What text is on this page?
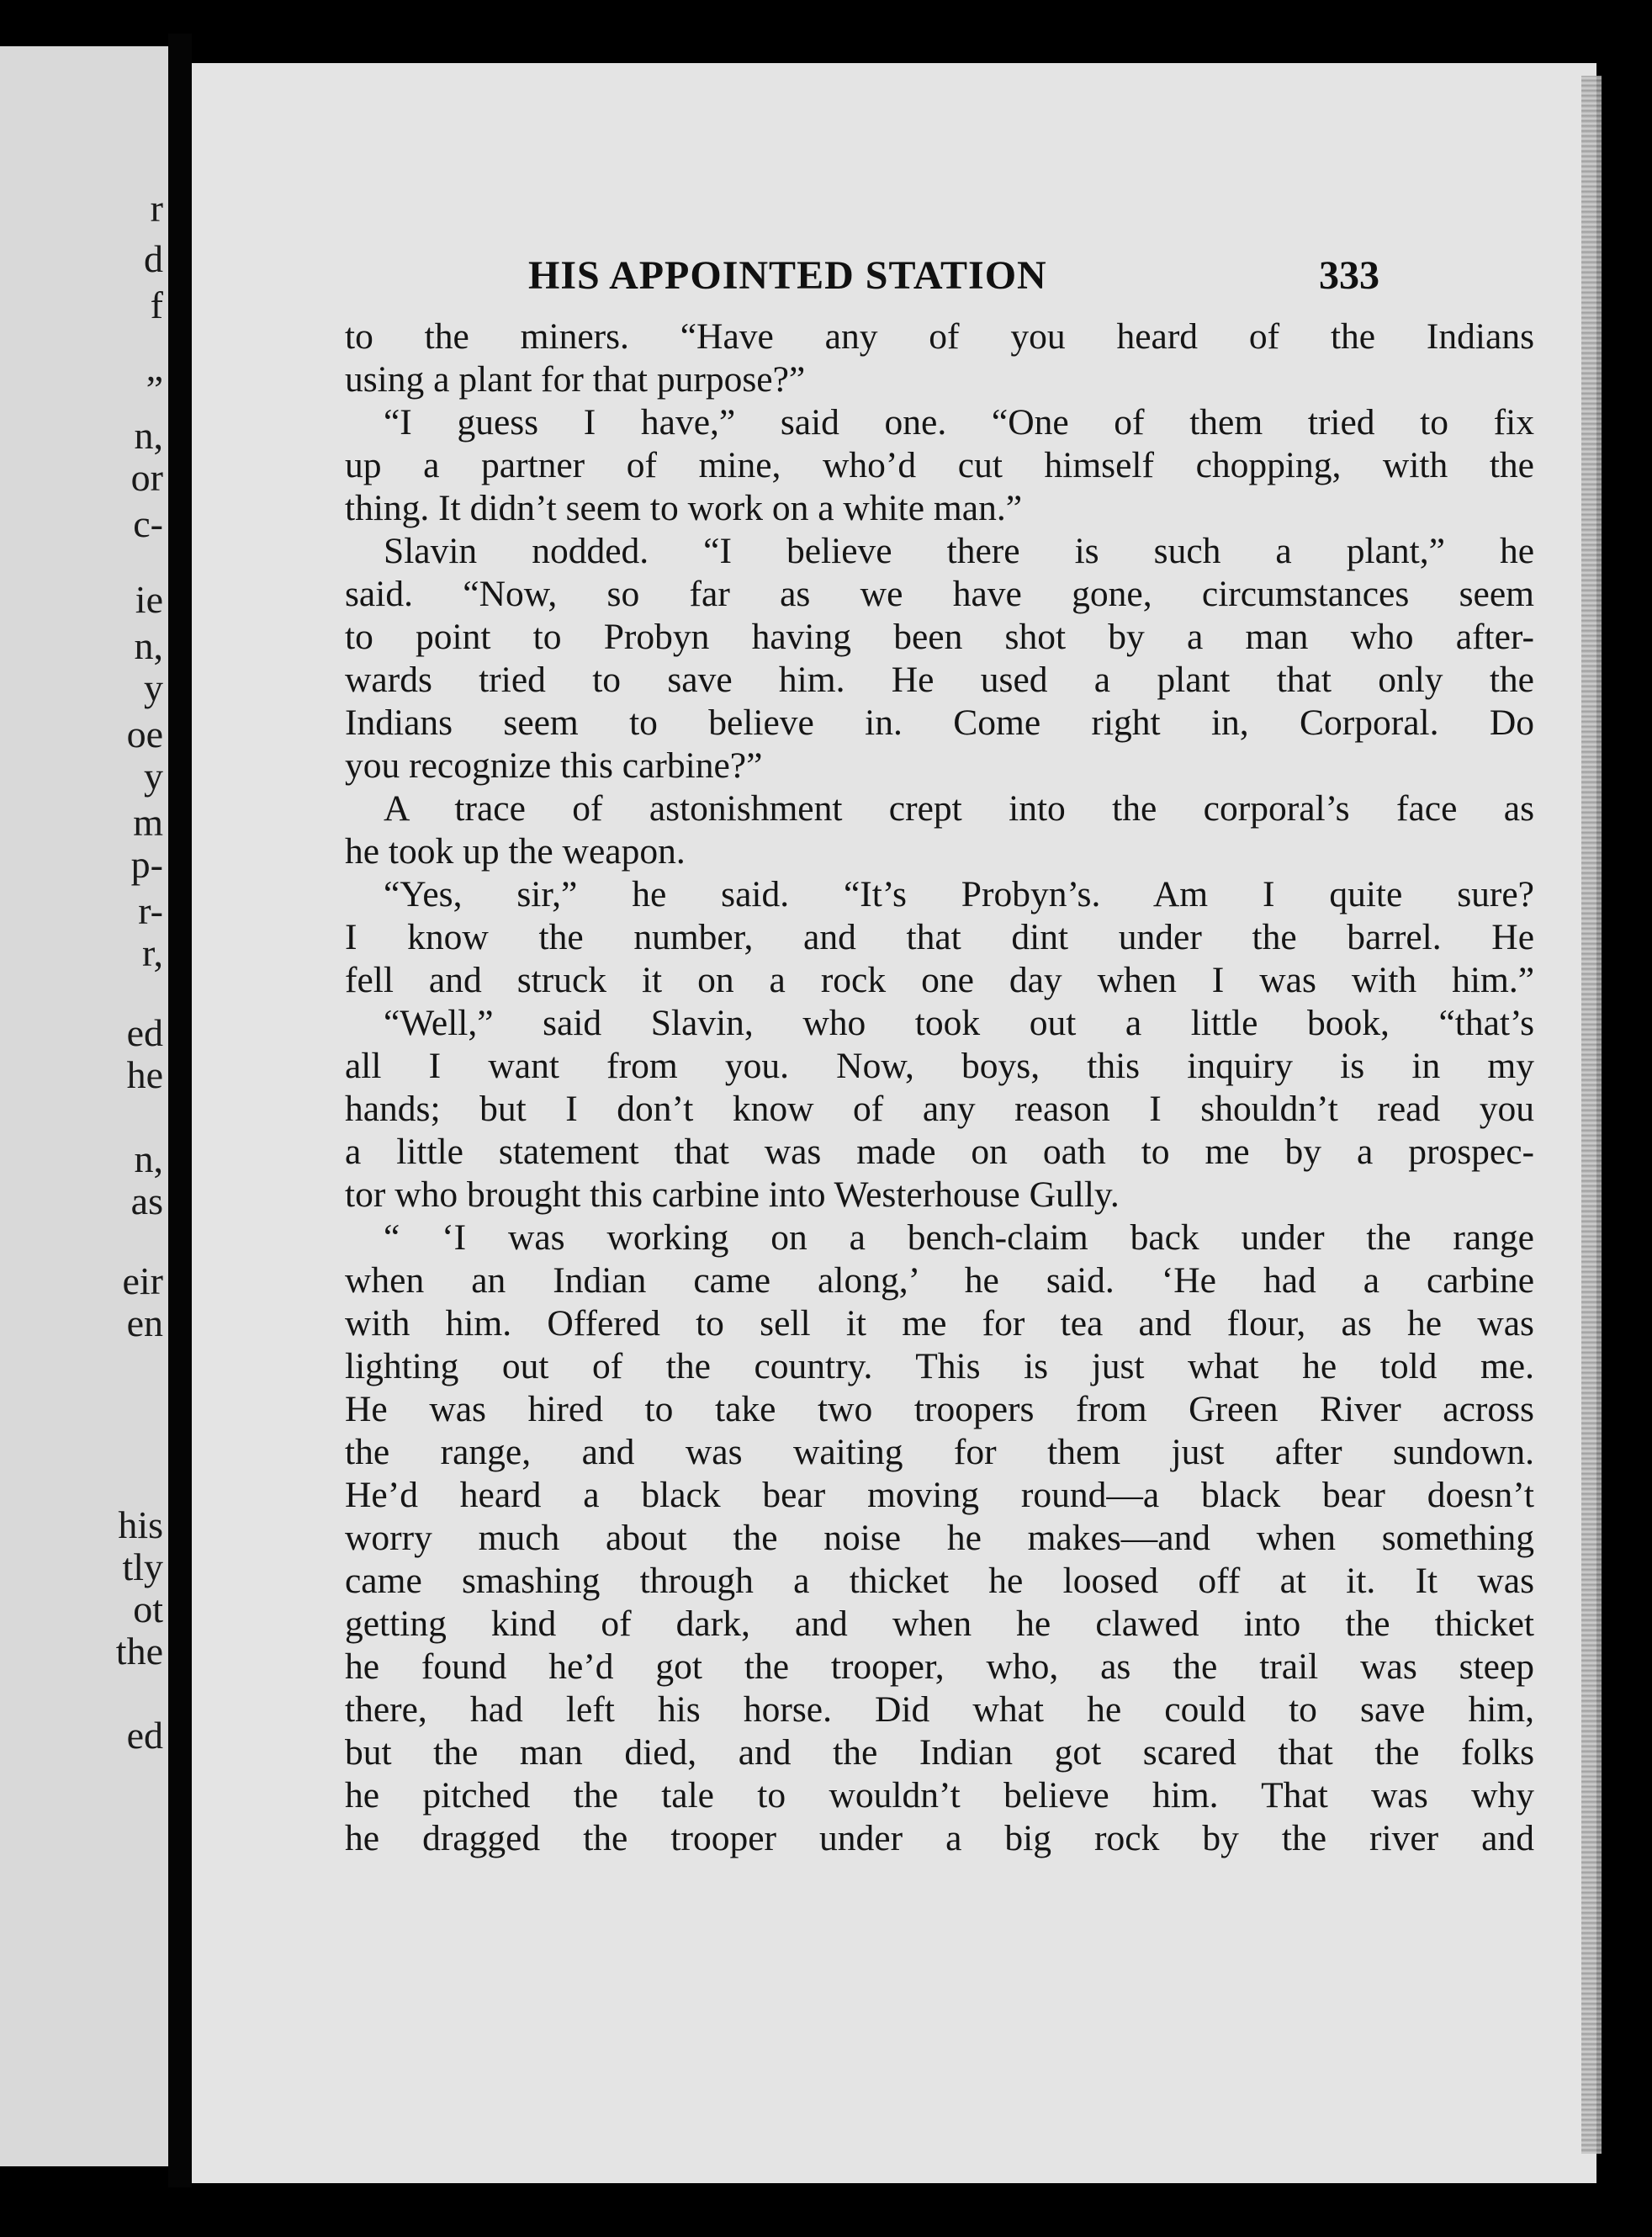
r
d
f
”
n,
or
c-
ie
n,
y
oe
y
m
p-
r-
r,
ed
he
n,
as
eir
en
his
tly
ot
the
ed
HIS APPOINTED STATION	333
to the miners. “Have any of you heard of the Indians
using a plant for that purpose?”
“I guess I have,” said one. “One of them tried to fix
up a partner of mine, who’d cut himself chopping, with the
thing. It didn’t seem to work on a white man.”
Slavin nodded. “I believe there is such a plant,” he
said. “Now, so far as we have gone, circumstances seem
to point to Probyn having been shot by a man who after-
wards tried to save him. He used a plant that only the
Indians seem to believe in. Come right in, Corporal. Do
you recognize this carbine?”
A trace of astonishment crept into the corporal’s face as
he took up the weapon.
“Yes, sir,” he said. “It’s Probyn’s. Am I quite sure?
I know the number, and that dint under the barrel. He
fell and struck it on a rock one day when I was with him.”
“Well,” said Slavin, who took out a little book, “that’s
all I want from you. Now, boys, this inquiry is in my
hands; but I don’t know of any reason I shouldn’t read you
a little statement that was made on oath to me by a prospec-
tor who brought this carbine into Westerhouse Gully.
“ ‘I was working on a bench-claim back under the range
when an Indian came along,’ he said. ‘He had a carbine
with him. Offered to sell it me for tea and flour, as he was
lighting out of the country. This is just what he told me.
He was hired to take two troopers from Green River across
the range, and was waiting for them just after sundown.
He’d heard a black bear moving round—a black bear doesn’t
worry much about the noise he makes—and when something
came smashing through a thicket he loosed off at it. It was
getting kind of dark, and when he clawed into the thicket
he found he’d got the trooper, who, as the trail was steep
there, had left his horse. Did what he could to save him,
but the man died, and the Indian got scared that the folks
he pitched the tale to wouldn’t believe him. That was why
he dragged the trooper under a big rock by the river and
